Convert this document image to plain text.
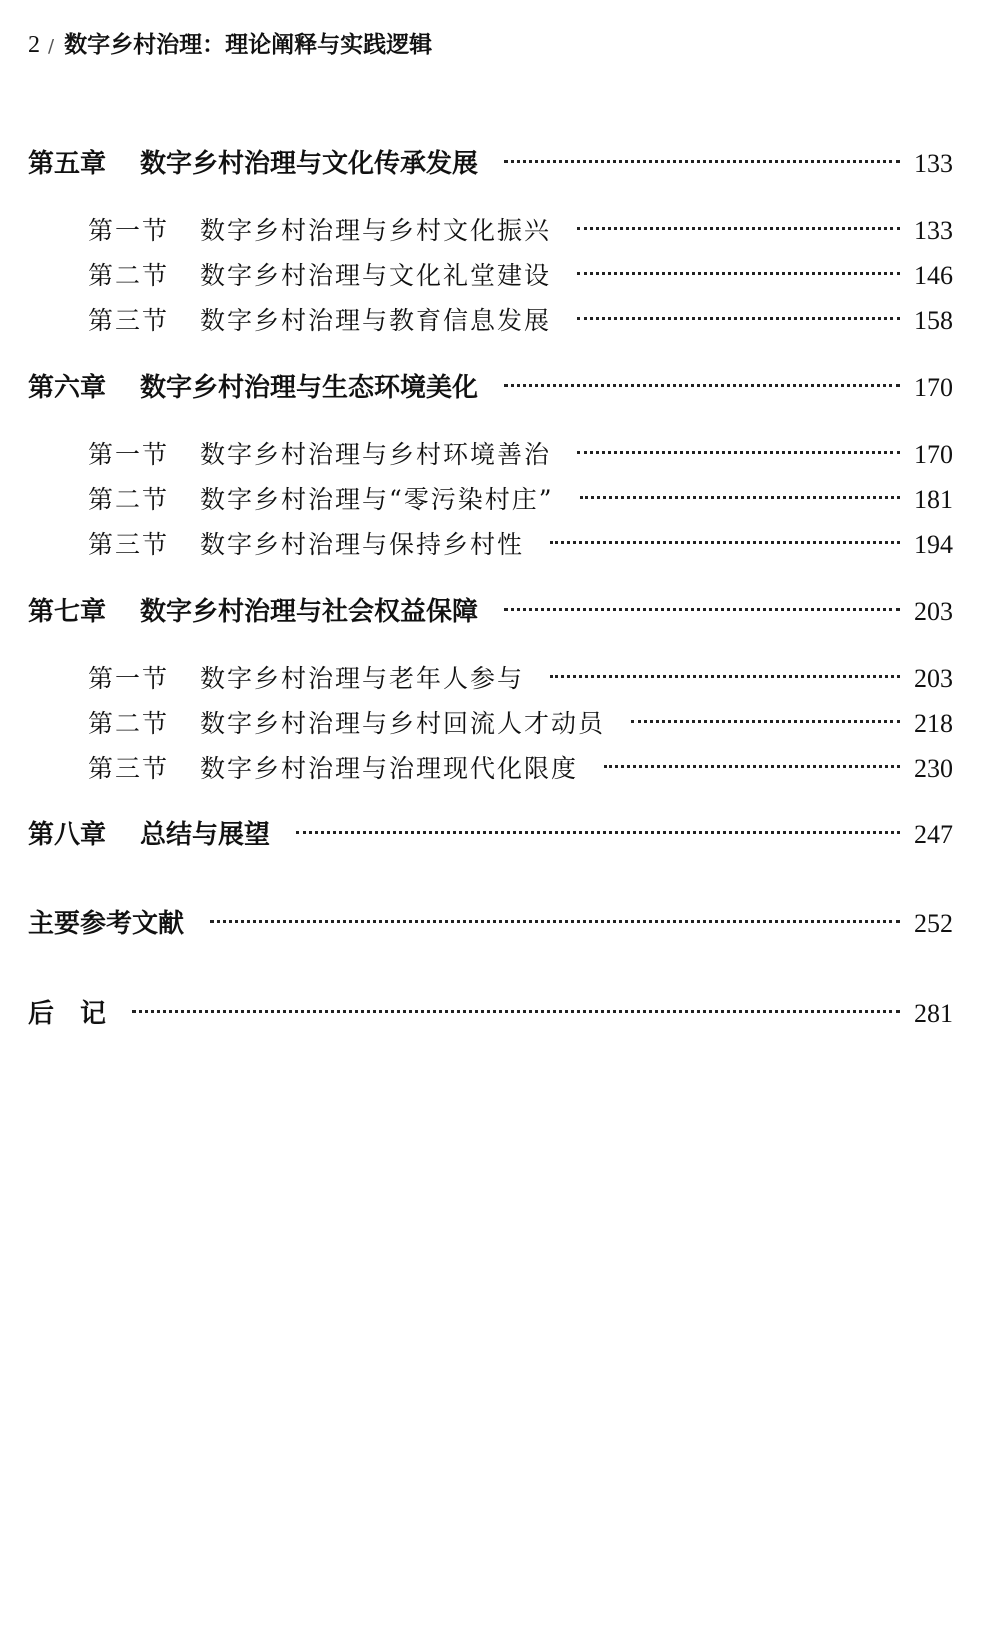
2 / 数字乡村治理：理论阐释与实践逻辑
第五章	数字乡村治理与文化传承发展	133
第一节	数字乡村治理与乡村文化振兴	133
第二节	数字乡村治理与文化礼堂建设	146
第三节	数字乡村治理与教育信息发展	158
第六章	数字乡村治理与生态环境美化	170
第一节	数字乡村治理与乡村环境善治	170
第二节	数字乡村治理与“零污染村庄”	181
第三节	数字乡村治理与保持乡村性	194
第七章	数字乡村治理与社会权益保障	203
第一节	数字乡村治理与老年人参与	203
第二节	数字乡村治理与乡村回流人才动员	218
第三节	数字乡村治理与治理现代化限度	230
第八章	总结与展望	247
主要参考文献	252
后　记	281
